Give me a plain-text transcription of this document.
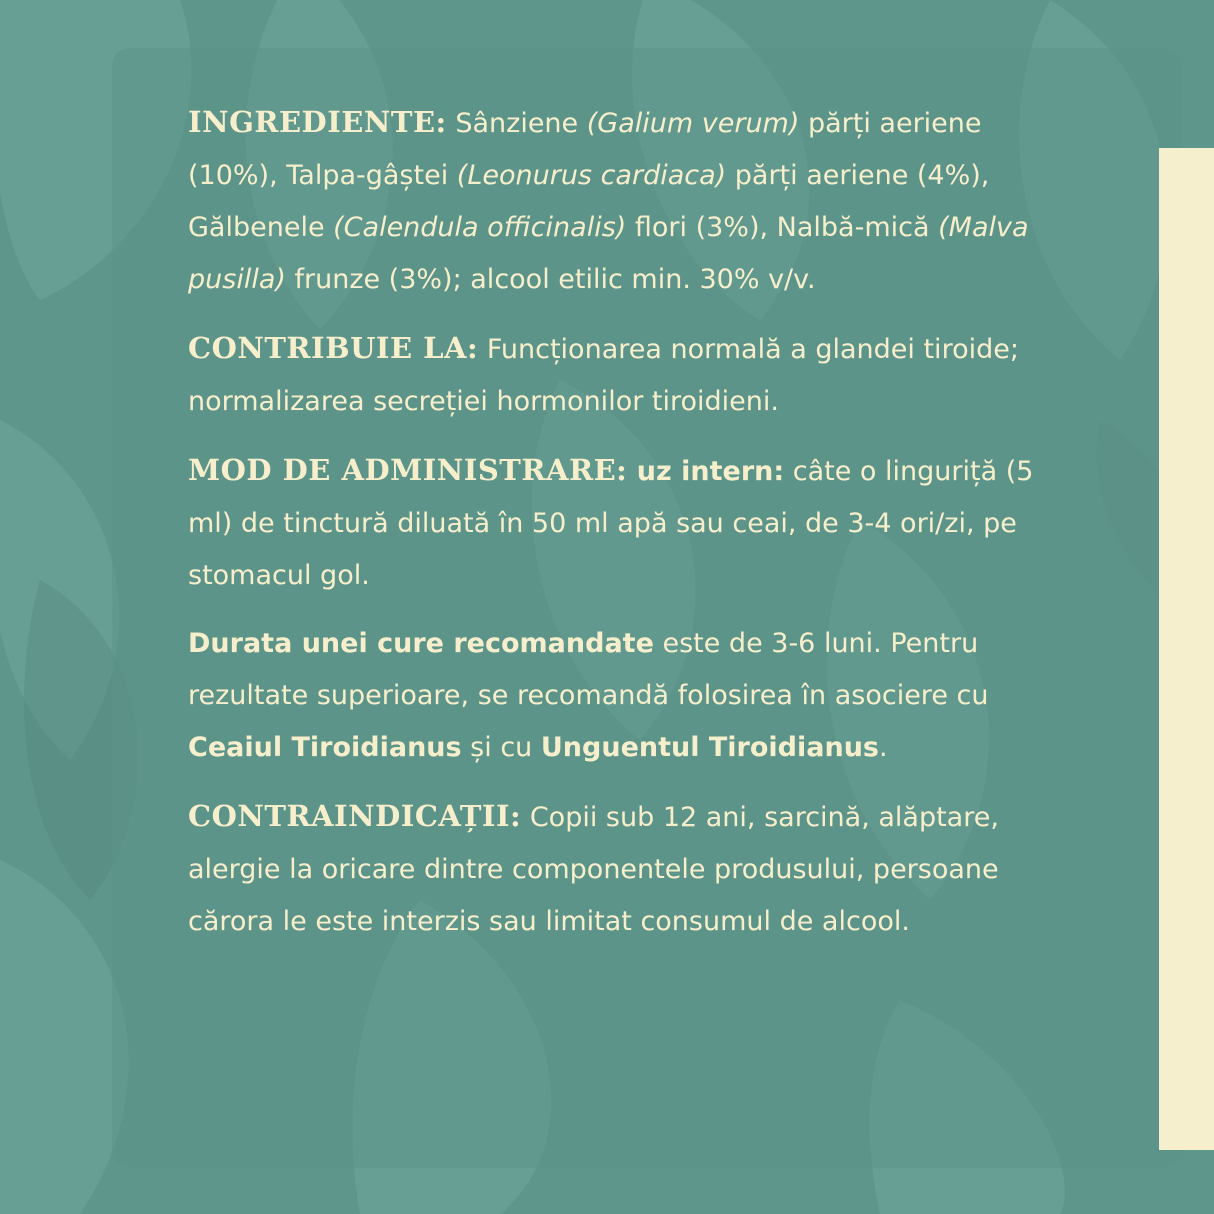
INGREDIENTE: Sânziene (Galium verum) părți aeriene (10%), Talpa-gâștei (Leonurus cardiaca) părți aeriene (4%), Gălbenele (Calendula officinalis) flori (3%), Nalbă-mică (Malva pusilla) frunze (3%); alcool etilic min. 30% v/v.

CONTRIBUIE LA: Funcționarea normală a glandei tiroide; normalizarea secreției hormonilor tiroidieni.

MOD DE ADMINISTRARE: uz intern: câte o linguriță (5 ml) de tinctură diluată în 50 ml apă sau ceai, de 3-4 ori/zi, pe stomacul gol.

Durata unei cure recomandate este de 3-6 luni. Pentru rezultate superioare, se recomandă folosirea în asociere cu Ceaiul Tiroidianus și cu Unguentul Tiroidianus.

CONTRAINDICAȚII: Copii sub 12 ani, sarcină, alăptare, alergie la oricare dintre componentele produsului, persoane cărora le este interzis sau limitat consumul de alcool.
